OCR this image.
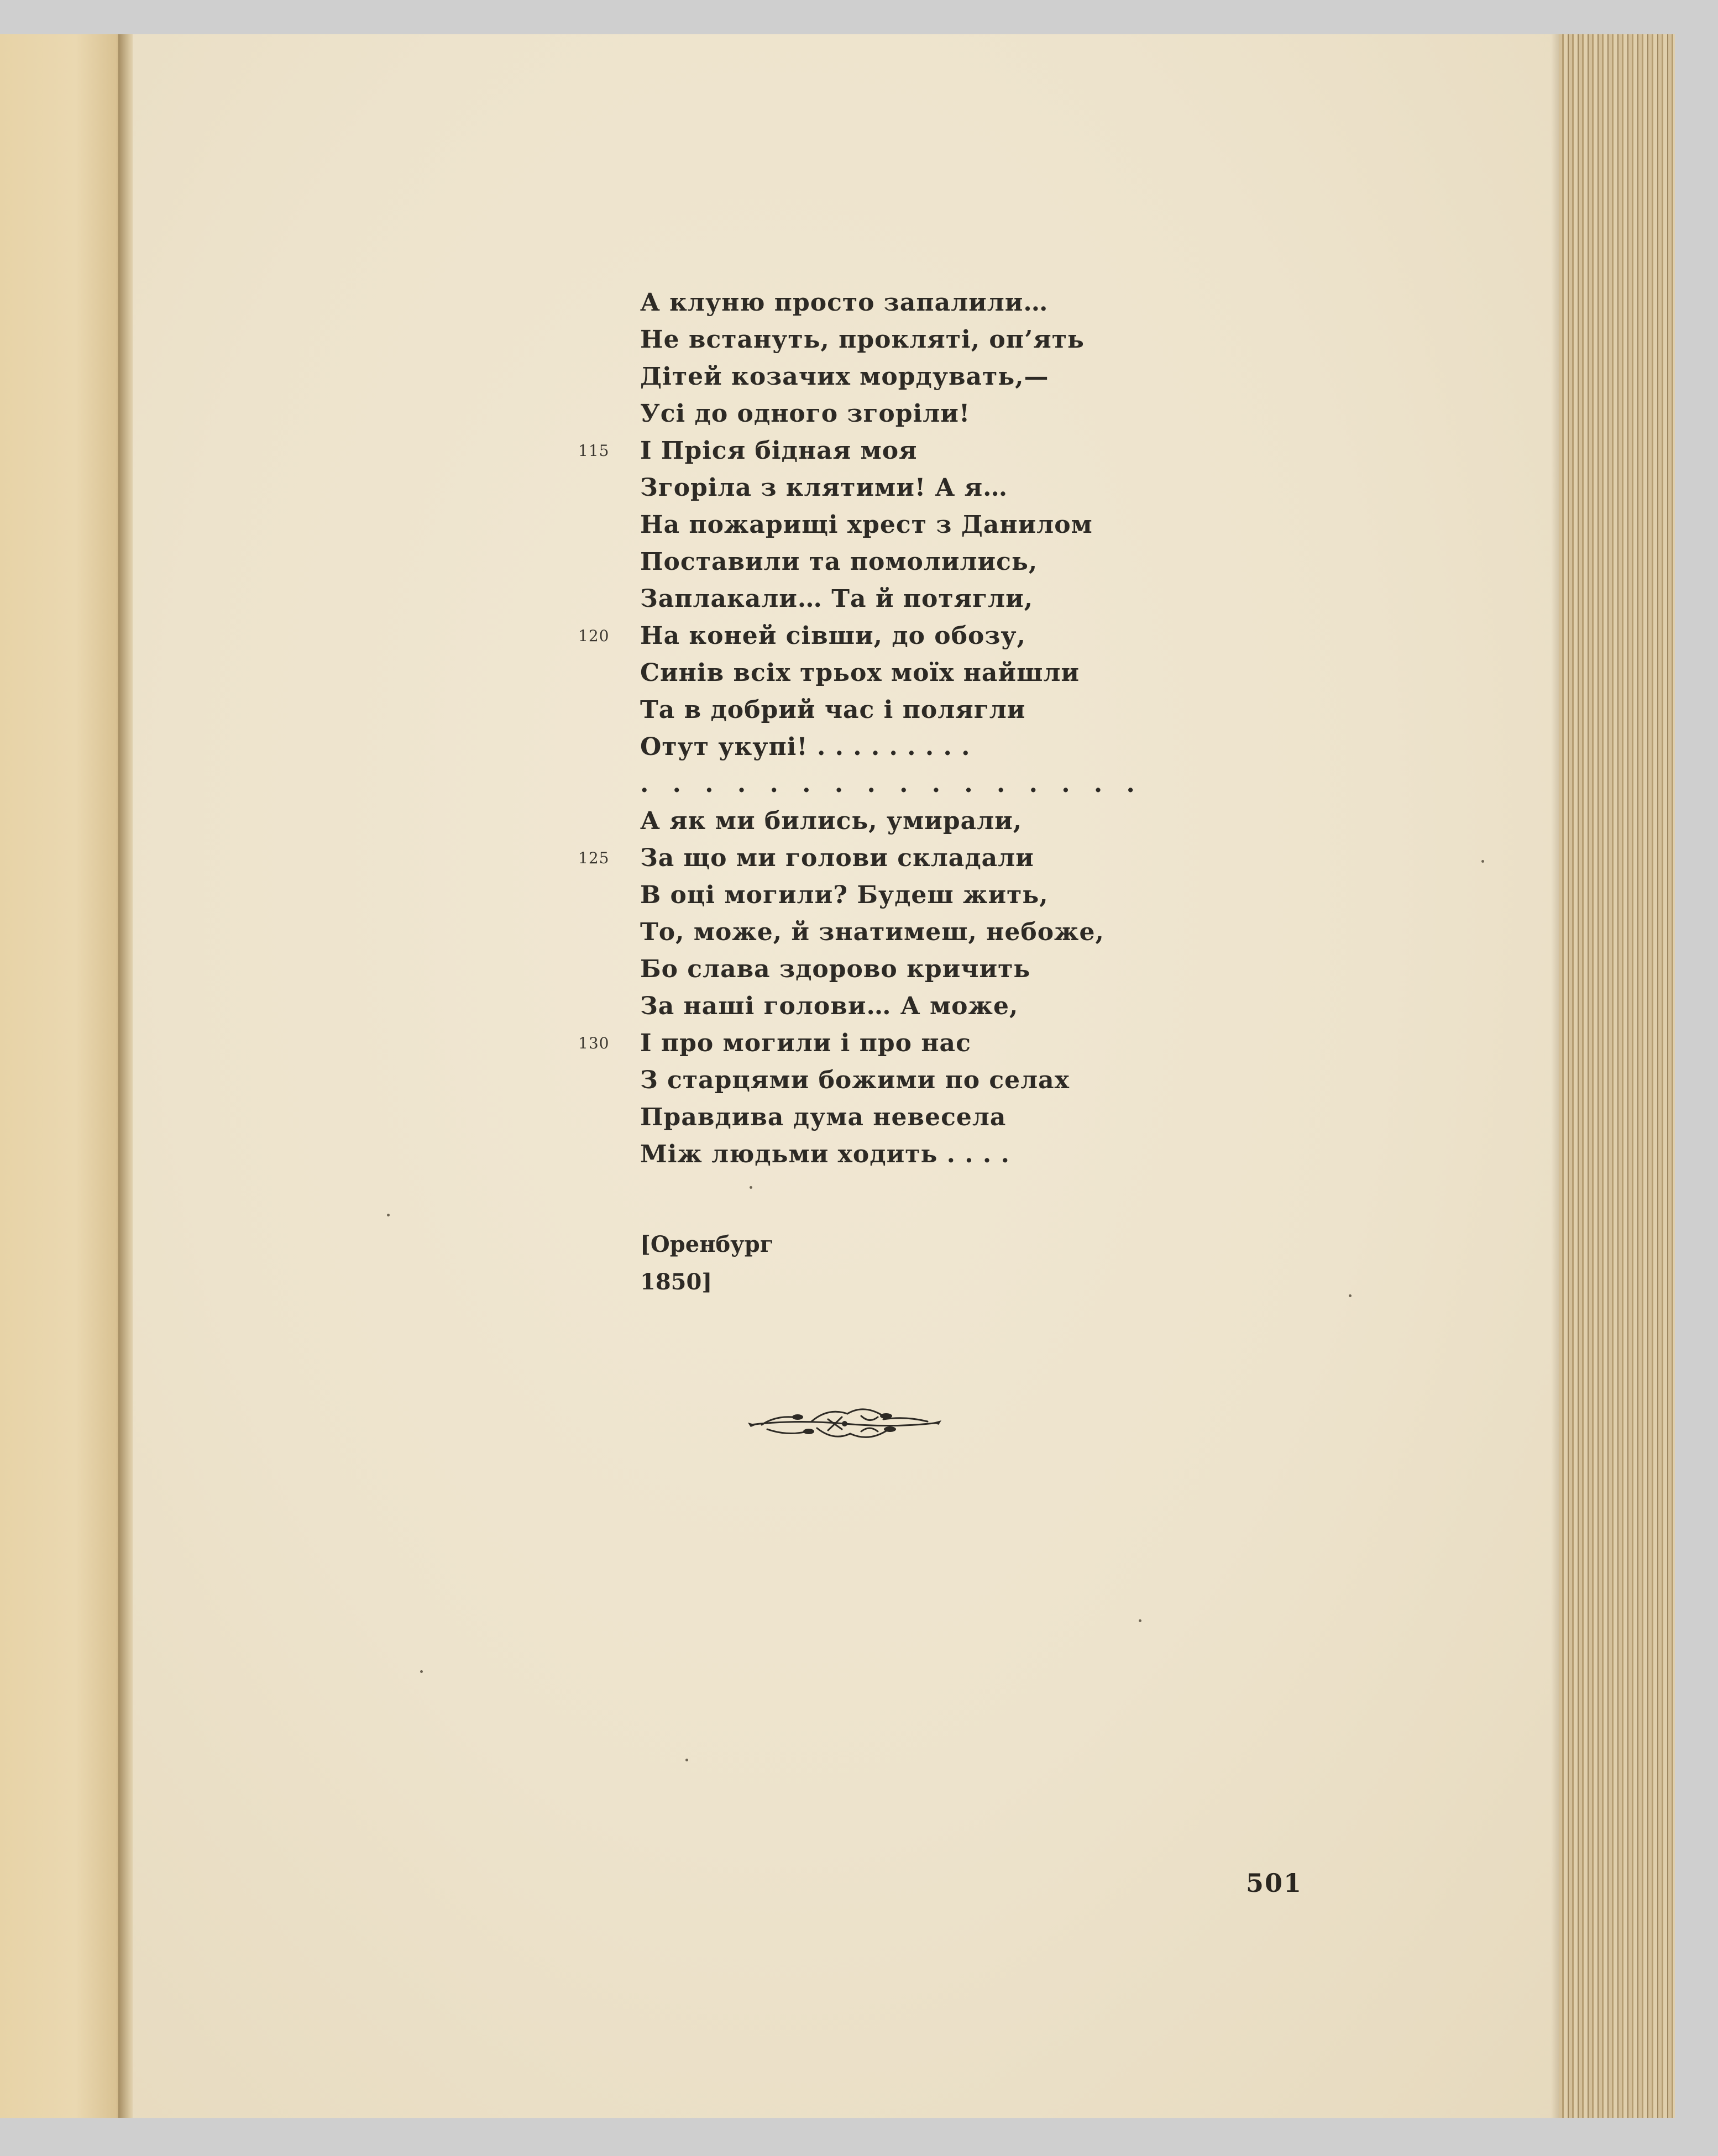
А клуню просто запалили…
Не встануть, прокляті, оп’ять
Дітей козачих мордувать,—
Усі до одного згоріли!
115	І Пріся бідная моя
Згоріла з клятими! А я…
На пожарищі хрест з Данилом
Поставили та помолились,
Заплакали… Та й потягли,
120	На коней сівши, до обозу,
Синів всіх трьох моїх найшли
Та в добрий час і полягли
Отут укупі! . . . . . . . . .
. . . . . . . . . . . . . . . .
А як ми бились, умирали,
125	За що ми голови складали
В оці могили? Будеш жить,
То, може, й знатимеш, небоже,
Бо слава здорово кричить
За наші голови… А може,
130	І про могили і про нас
З старцями божими по селах
Правдива дума невесела
Між людьми ходить . . . .
[Оренбург
1850]
501
